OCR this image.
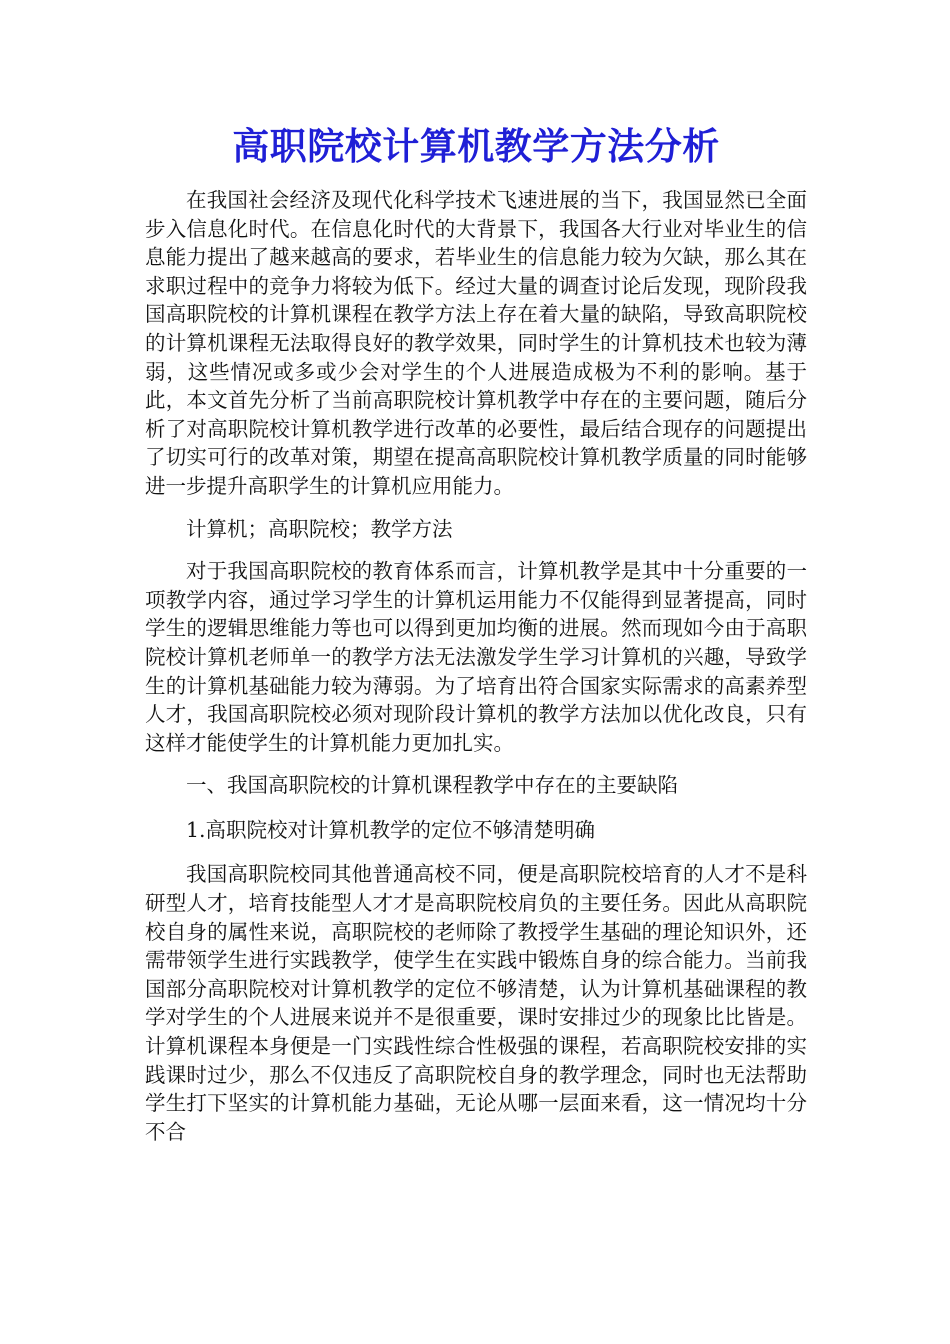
高职院校计算机教学方法分析

在我国社会经济及现代化科学技术飞速进展的当下，我国显然已全面步入信息化时代。在信息化时代的大背景下，我国各大行业对毕业生的信息能力提出了越来越高的要求，若毕业生的信息能力较为欠缺，那么其在求职过程中的竞争力将较为低下。经过大量的调查讨论后发现，现阶段我国高职院校的计算机课程在教学方法上存在着大量的缺陷，导致高职院校的计算机课程无法取得良好的教学效果，同时学生的计算机技术也较为薄弱，这些情况或多或少会对学生的个人进展造成极为不利的影响。基于此，本文首先分析了当前高职院校计算机教学中存在的主要问题，随后分析了对高职院校计算机教学进行改革的必要性，最后结合现存的问题提出了切实可行的改革对策，期望在提高高职院校计算机教学质量的同时能够进一步提升高职学生的计算机应用能力。

计算机；高职院校；教学方法

对于我国高职院校的教育体系而言，计算机教学是其中十分重要的一项教学内容，通过学习学生的计算机运用能力不仅能得到显著提高，同时学生的逻辑思维能力等也可以得到更加均衡的进展。然而现如今由于高职院校计算机老师单一的教学方法无法激发学生学习计算机的兴趣，导致学生的计算机基础能力较为薄弱。为了培育出符合国家实际需求的高素养型人才，我国高职院校必须对现阶段计算机的教学方法加以优化改良，只有这样才能使学生的计算机能力更加扎实。

一、我国高职院校的计算机课程教学中存在的主要缺陷

1.高职院校对计算机教学的定位不够清楚明确

我国高职院校同其他普通高校不同，便是高职院校培育的人才不是科研型人才，培育技能型人才才是高职院校肩负的主要任务。因此从高职院校自身的属性来说，高职院校的老师除了教授学生基础的理论知识外，还需带领学生进行实践教学，使学生在实践中锻炼自身的综合能力。当前我国部分高职院校对计算机教学的定位不够清楚，认为计算机基础课程的教学对学生的个人进展来说并不是很重要，课时安排过少的现象比比皆是。计算机课程本身便是一门实践性综合性极强的课程，若高职院校安排的实践课时过少，那么不仅违反了高职院校自身的教学理念，同时也无法帮助学生打下坚实的计算机能力基础，无论从哪一层面来看，这一情况均十分不合
